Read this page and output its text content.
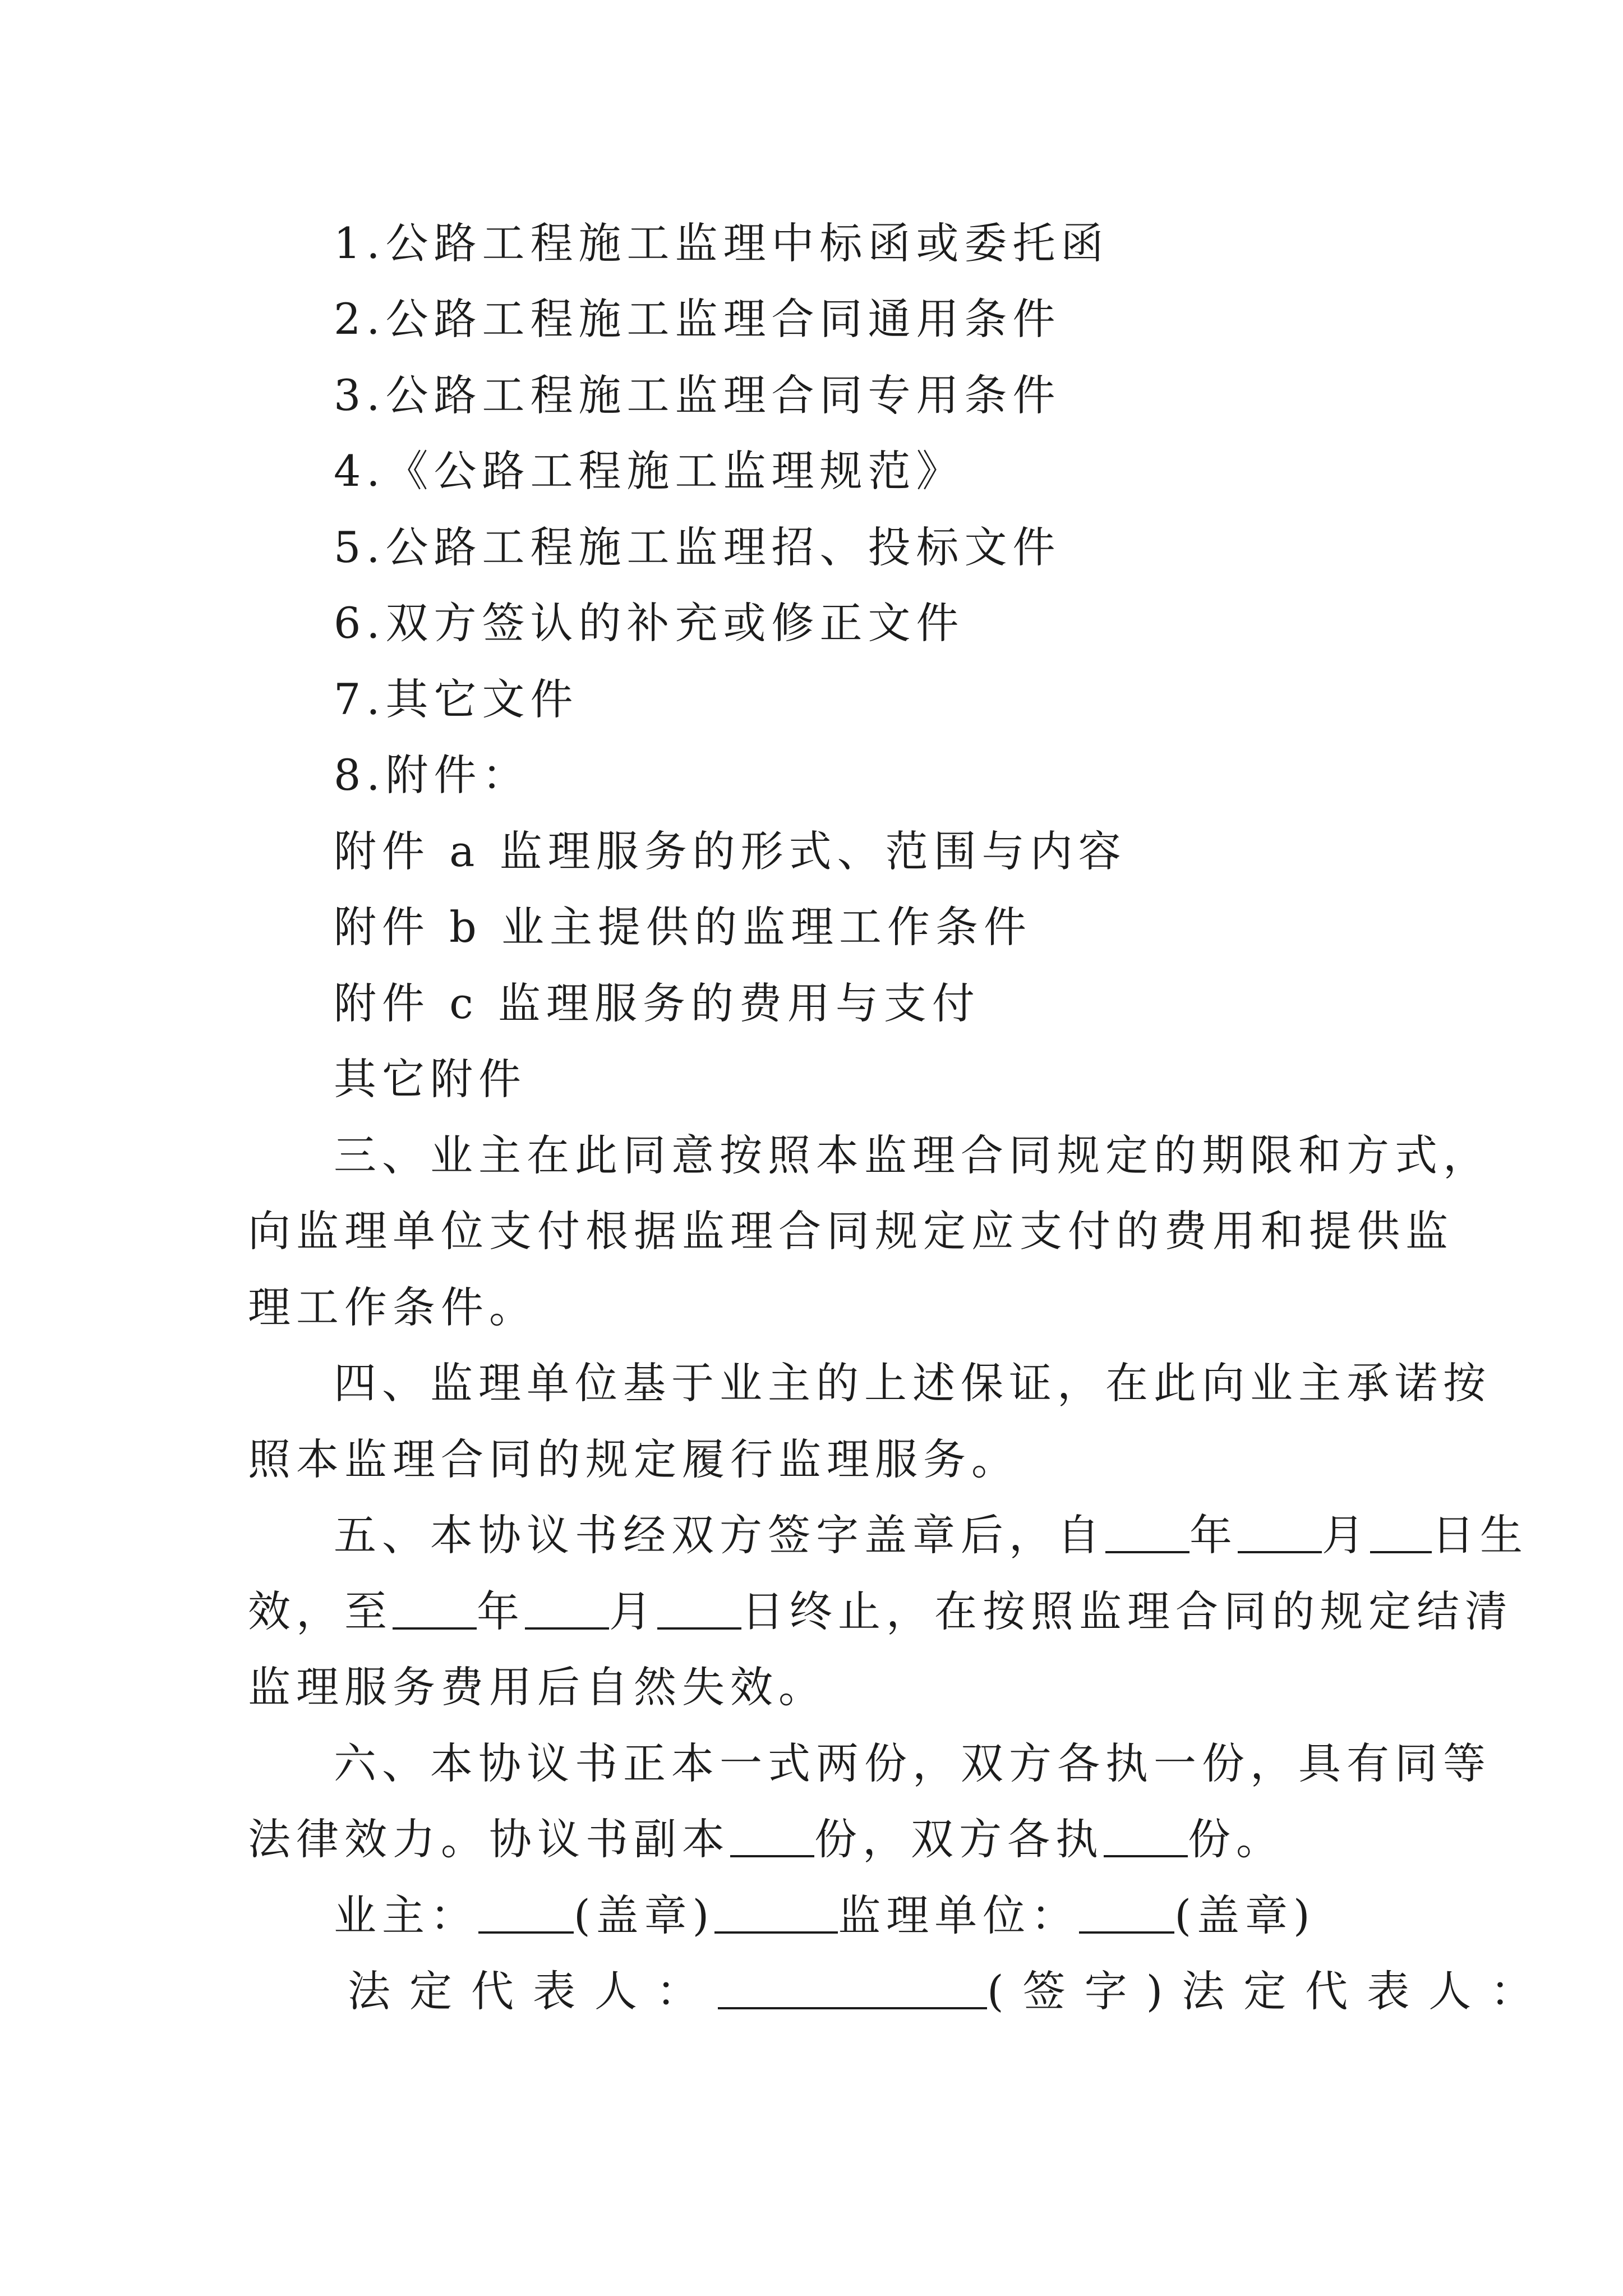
1.公路工程施工监理中标函或委托函

2.公路工程施工监理合同通用条件

3.公路工程施工监理合同专用条件

4.《公路工程施工监理规范》

5.公路工程施工监理招、投标文件

6.双方签认的补充或修正文件

7.其它文件

8.附件：

附件 a 监理服务的形式、范围与内容

附件 b 业主提供的监理工作条件

附件 c 监理服务的费用与支付

其它附件

三、业主在此同意按照本监理合同规定的期限和方式，

向监理单位支付根据监理合同规定应支付的费用和提供监

理工作条件。

四、监理单位基于业主的上述保证，在此向业主承诺按

照本监理合同的规定履行监理服务。

五、本协议书经双方签字盖章后，自 年 月 日生

效，至 年 月 日终止，在按照监理合同的规定结清

监理服务费用后自然失效。

六、本协议书正本一式两份，双方各执一份，具有同等

法律效力。协议书副本 份，双方各执 份。

业主： (盖章)	监理单位： (盖章)

法定代表人：	(签字)法定代表人：
